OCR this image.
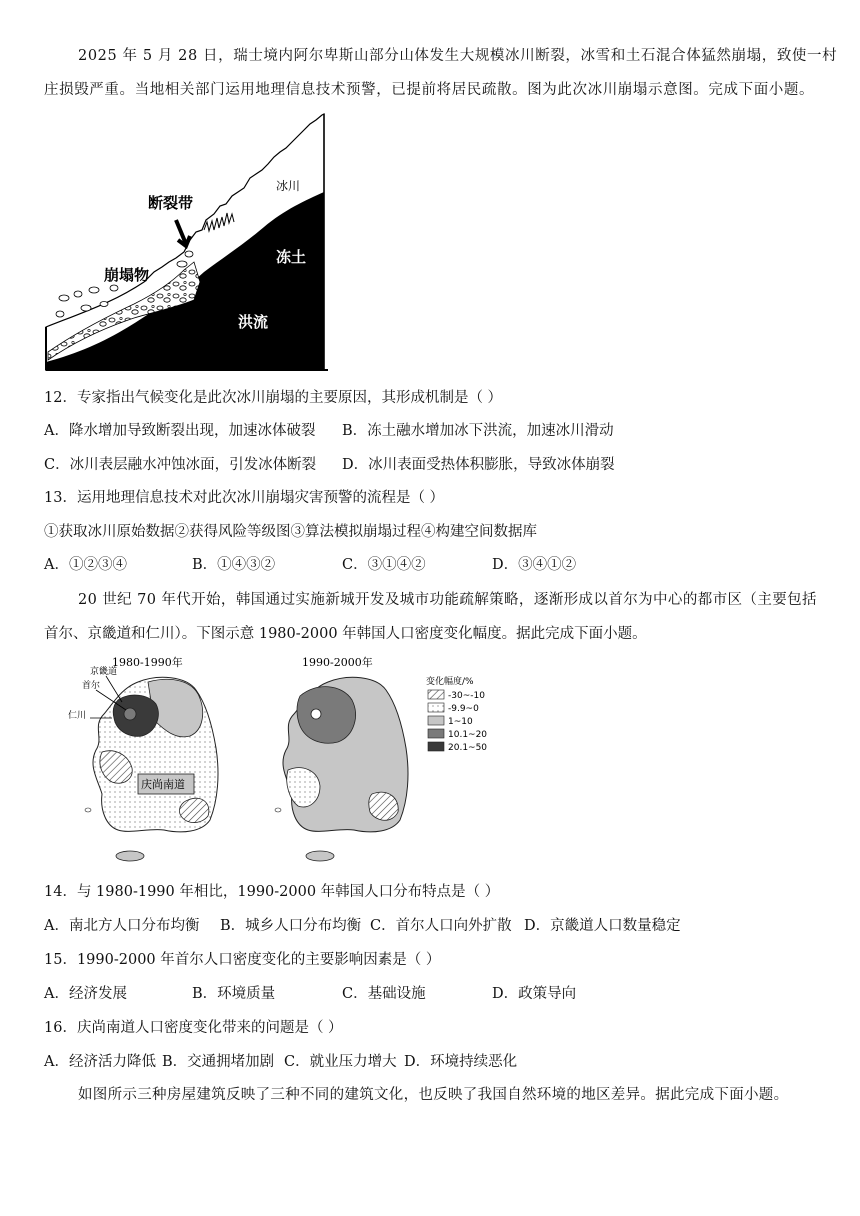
2025 年 5 月 28 日，瑞士境内阿尔卑斯山部分山体发生大规模冰川断裂，冰雪和土石混合体猛然崩塌，致使一村
庄损毁严重。当地相关部门运用地理信息技术预警，已提前将居民疏散。图为此次冰川崩塌示意图。完成下面小题。
断裂带
冰川
崩塌物
冻土
洪流
12．专家指出气候变化是此次冰川崩塌的主要原因，其形成机制是（ ）
A．降水增加导致断裂出现，加速冰体破裂 B．冻土融水增加冰下洪流，加速冰川滑动
C．冰川表层融水冲蚀冰面，引发冰体断裂 D．冰川表面受热体积膨胀，导致冰体崩裂
13．运用地理信息技术对此次冰川崩塌灾害预警的流程是（ ）
①获取冰川原始数据②获得风险等级图③算法模拟崩塌过程④构建空间数据库
A．①②③④	B．①④③②	C．③①④②	D．③④①②
20 世纪 70 年代开始，韩国通过实施新城开发及城市功能疏解策略，逐渐形成以首尔为中心的都市区（主要包括
首尔、京畿道和仁川）。下图示意 1980-2000 年韩国人口密度变化幅度。据此完成下面小题。
1980-1990年
庆尚南道
京畿道
首尔
仁川
1990-2000年
变化幅度/%
-30~-10
-9.9~0
1~10
10.1~20
20.1~50
14．与 1980-1990 年相比，1990-2000 年韩国人口分布特点是（ ）
A．南北方人口分布均衡 B．城乡人口分布均衡 C．首尔人口向外扩散 D．京畿道人口数量稳定
15．1990-2000 年首尔人口密度变化的主要影响因素是（ ）
A．经济发展	B．环境质量	C．基础设施	D．政策导向
16．庆尚南道人口密度变化带来的问题是（ ）
A．经济活力降低 B．交通拥堵加剧 C．就业压力增大 D．环境持续恶化
如图所示三种房屋建筑反映了三种不同的建筑文化，也反映了我国自然环境的地区差异。据此完成下面小题。
